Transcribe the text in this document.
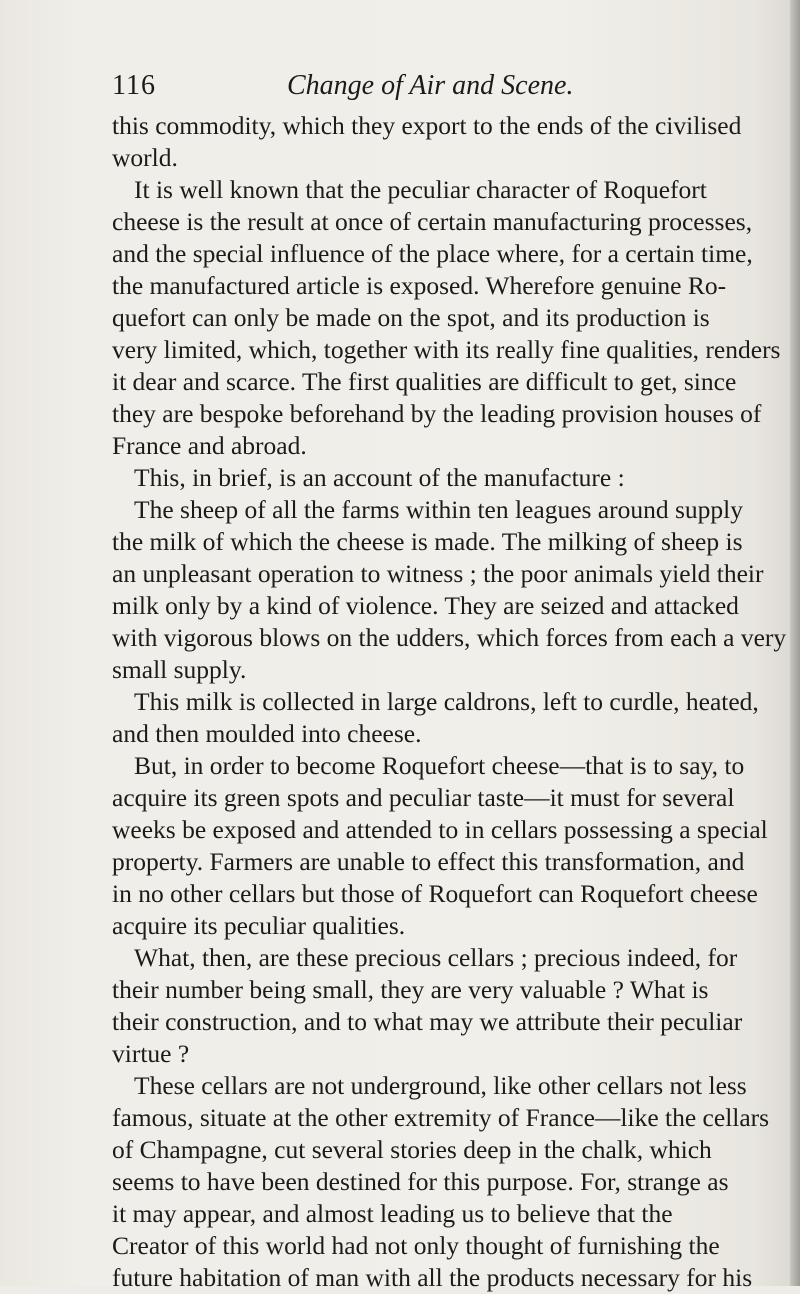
116	Change of Air and Scene.
this commodity, which they export to the ends of the civilised
world.
It is well known that the peculiar character of Roquefort
cheese is the result at once of certain manufacturing processes,
and the special influence of the place where, for a certain time,
the manufactured article is exposed. Wherefore genuine Ro-
quefort can only be made on the spot, and its production is
very limited, which, together with its really fine qualities, renders
it dear and scarce. The first qualities are difficult to get, since
they are bespoke beforehand by the leading provision houses of
France and abroad.
This, in brief, is an account of the manufacture :
The sheep of all the farms within ten leagues around supply
the milk of which the cheese is made. The milking of sheep is
an unpleasant operation to witness ; the poor animals yield their
milk only by a kind of violence. They are seized and attacked
with vigorous blows on the udders, which forces from each a very
small supply.
This milk is collected in large caldrons, left to curdle, heated,
and then moulded into cheese.
But, in order to become Roquefort cheese—that is to say, to
acquire its green spots and peculiar taste—it must for several
weeks be exposed and attended to in cellars possessing a special
property. Farmers are unable to effect this transformation, and
in no other cellars but those of Roquefort can Roquefort cheese
acquire its peculiar qualities.
What, then, are these precious cellars ; precious indeed, for
their number being small, they are very valuable ? What is
their construction, and to what may we attribute their peculiar
virtue ?
These cellars are not underground, like other cellars not less
famous, situate at the other extremity of France—like the cellars
of Champagne, cut several stories deep in the chalk, which
seems to have been destined for this purpose. For, strange as
it may appear, and almost leading us to believe that the
Creator of this world had not only thought of furnishing the
future habitation of man with all the products necessary for his
